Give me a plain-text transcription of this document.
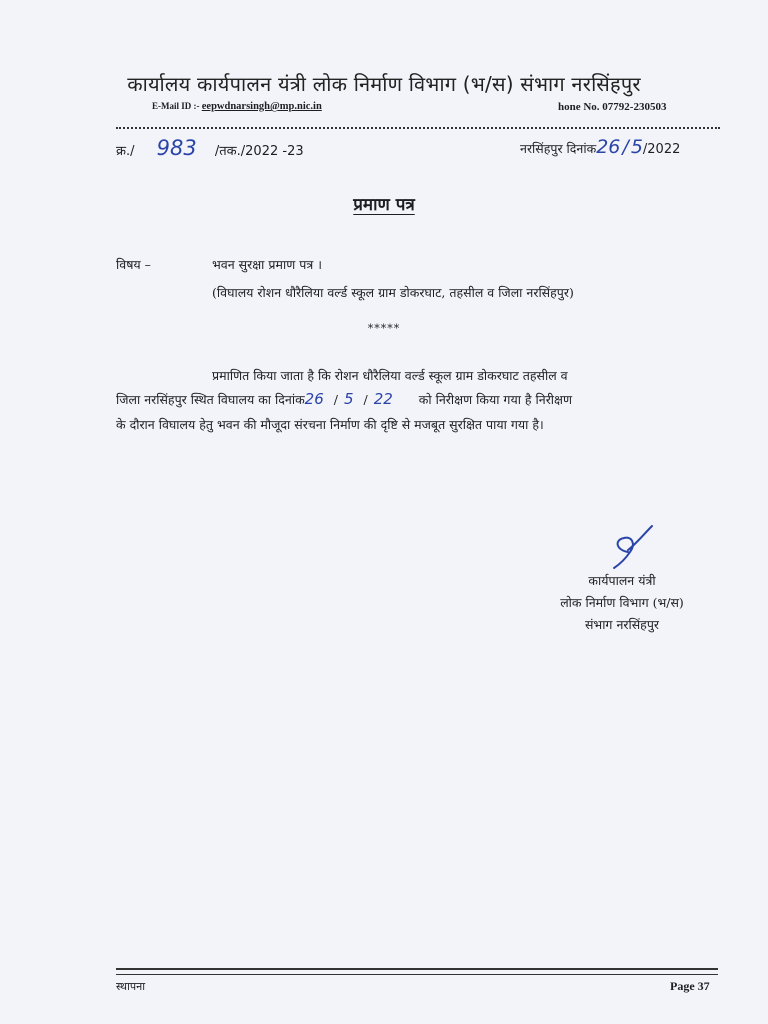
कार्यालय कार्यपालन यंत्री लोक निर्माण विभाग (भ/स) संभाग नरसिंहपुर
E-Mail ID :- eepwdnarsingh@mp.nic.in	hone No. 07792-230503
क्र./ 983 /तक./2022 -23	नरसिंहपुर दिनांक26 / 5/2022
प्रमाण पत्र
विषय –	भवन सुरक्षा प्रमाण पत्र ।
(विघालय रोशन धौरैलिया वर्ल्ड स्कूल ग्राम डोकरघाट, तहसील व जिला नरसिंहपुर)
*****
प्रमाणित किया जाता है कि रोशन धौरैलिया वर्ल्ड स्कूल ग्राम डोकरघाट तहसील व
जिला नरसिंहपुर स्थित विघालय का दिनांक26 / 5 / 22 को निरीक्षण किया गया है निरीक्षण
के दौरान विघालय हेतु भवन की मौजूदा संरचना निर्माण की दृष्टि से मजबूत सुरक्षित पाया गया है।
कार्यपालन यंत्री
लोक निर्माण विभाग (भ/स)
संभाग नरसिंहपुर
स्थापना	Page 37
